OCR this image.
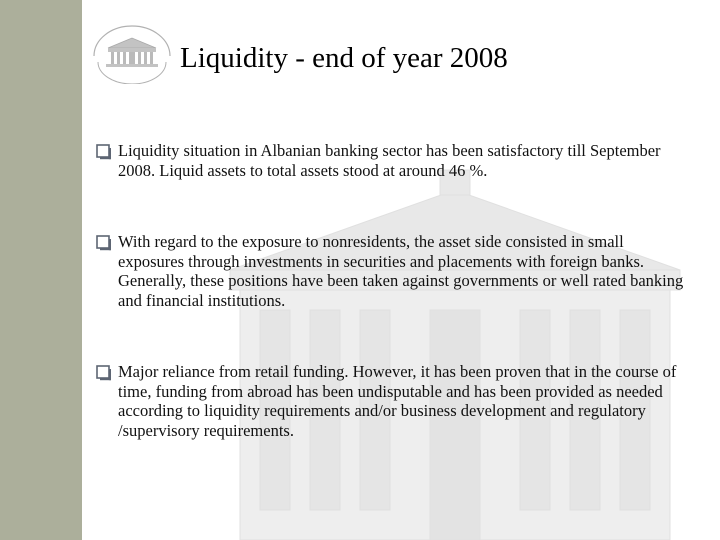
Liquidity - end of year 2008
Liquidity situation in Albanian banking sector has been satisfactory till September 2008. Liquid assets to total assets stood at around 46 %.
With regard to the exposure to nonresidents, the asset side consisted in small exposures through investments in securities and placements with foreign banks. Generally, these positions have been taken against governments or well rated banking and financial institutions.
Major reliance from retail funding. However, it has been proven that in the course of time, funding from abroad has been undisputable and has been provided as needed according to liquidity requirements and/or business development and regulatory /supervisory requirements.
